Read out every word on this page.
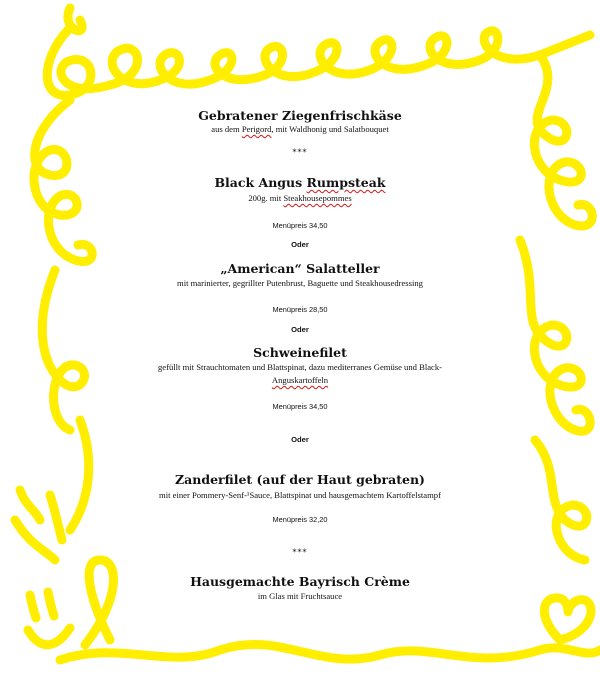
Gebratener Ziegenfrischkäse
aus dem Perigord, mit Waldhonig und Salatbouquet
***
Black Angus Rumpsteak
200g. mit Steakhousepommes
Menüpreis 34,50
Oder
„American“ Salatteller
mit marinierter, gegrillter Putenbrust, Baguette und Steakhousedressing
Menüpreis 28,50
Oder
Schweinefilet
gefüllt mit Strauchtomaten und Blattspinat, dazu mediterranes Gemüse und Black-
Anguskartoffeln
Menüpreis 34,50
Oder
Zanderfilet (auf der Haut gebraten)
mit einer Pommery-Senf-¹Sauce, Blattspinat und hausgemachtem Kartoffelstampf
Menüpreis 32,20
***
Hausgemachte Bayrisch Crème
im Glas mit Fruchtsauce
